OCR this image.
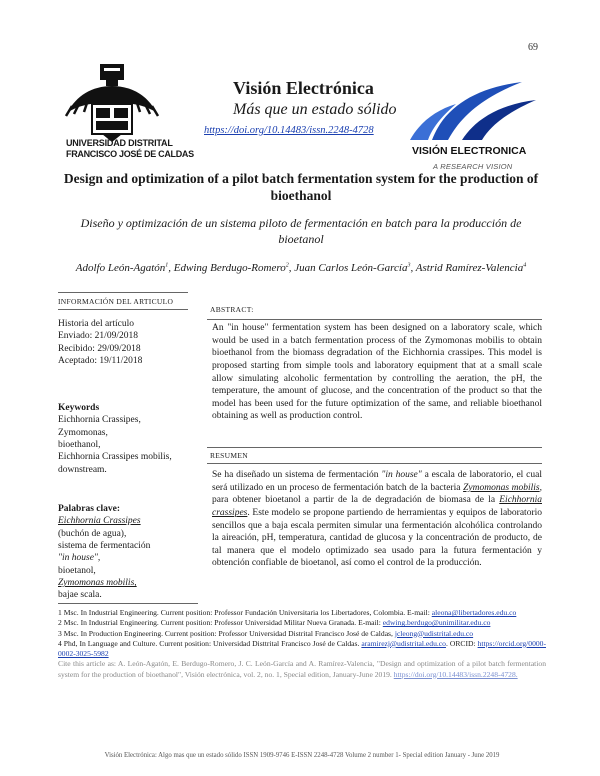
69
UNIVERSIDAD DISTRITAL
FRANCISCO JOSÉ DE CALDAS
Visión Electrónica
Más que un estado sólido
https://doi.org/10.14483/issn.2248-4728
VISIÓN ELECTRONICA
A RESEARCH VISION
Design and optimization of a pilot batch fermentation system for the production of bioethanol
Diseño y optimización de un sistema piloto de fermentación en batch para la producción de bioetanol
Adolfo León-Agatón$^1$, Edwing Berdugo-Romero$^2$, Juan Carlos León-García$^3$, Astrid Ramírez-Valencia$^4$
INFORMACIÓN DEL ARTICULO
Historia del artículo
Enviado: 21/09/2018
Recibido: 29/09/2018
Aceptado: 19/11/2018
Keywords
Eichhornia Crassipes,
Zymomonas,
bioethanol,
Eichhornia Crassipes mobilis,
downstream.
Palabras clave:
Eichhornia Crassipes
(buchón de agua),
sistema de fermentación
"in house",
bioetanol,
Zymomonas mobilis,
bajae scala.
ABSTRACT:
An "in house" fermentation system has been designed on a laboratory scale, which would be used in a batch fermentation process of the Zymomonas mobilis to obtain bioethanol from the biomass degradation of the Eichhornia crassipes. This model is proposed starting from simple tools and laboratory equipment that at a small scale allow simulating alcoholic fermentation by controlling the aeration, the pH, the temperature, the amount of glucose, and the concentration of the product so that the model has been used for the future optimization of the same, and reliable bioethanol obtaining as well as production control.
RESUMEN
Se ha diseñado un sistema de fermentación "in house" a escala de laboratorio, el cual será utilizado en un proceso de fermentación batch de la bacteria Zymomonas mobilis, para obtener bioetanol a partir de la de degradación de biomasa de la Eichhornia crassipes. Este modelo se propone partiendo de herramientas y equipos de laboratorio sencillos que a baja escala permiten simular una fermentación alcohólica controlando la aireación, pH, temperatura, cantidad de glucosa y la concentración de producto, de tal manera que el modelo optimizado sea usado para la futura fermentación y obtención confiable de bioetanol, así como el control de la producción.
1 Msc. In Industrial Engineering. Current position: Professor Fundación Universitaria los Libertadores, Colombia. E-mail: aleona@libertadores.edu.co
2 Msc. In Industrial Engineering. Current position: Professor Universidad Militar Nueva Granada. E-mail: edwing.berdugo@unimilitar.edu.co
3 Msc. In Production Engineering. Current position: Professor Universidad Distrital Francisco José de Caldas, jcleong@udistrital.edu.co
4 Phd, In Language and Culture. Current position: Universidad Disttrital Francisco José de Caldas. aramirezj@udistrital.edu.co. ORCID: https://orcid.org/0000-0002-3025-5982
Cite this article as: A. León-Agatón, E. Berdugo-Romero, J. C. León-García and A. Ramírez-Valencia, "Design and optimization of a pilot batch fermentation system for the production of bioethanol", Visión electrónica, vol. 2, no. 1, Special edition, January-June 2019. https://doi.org/10.14483/issn.2248-4728.
Visión Electrónica: Algo mas que un estado sólido ISSN 1909-9746 E-ISSN 2248-4728 Volume 2 number 1- Special edition January - June 2019
